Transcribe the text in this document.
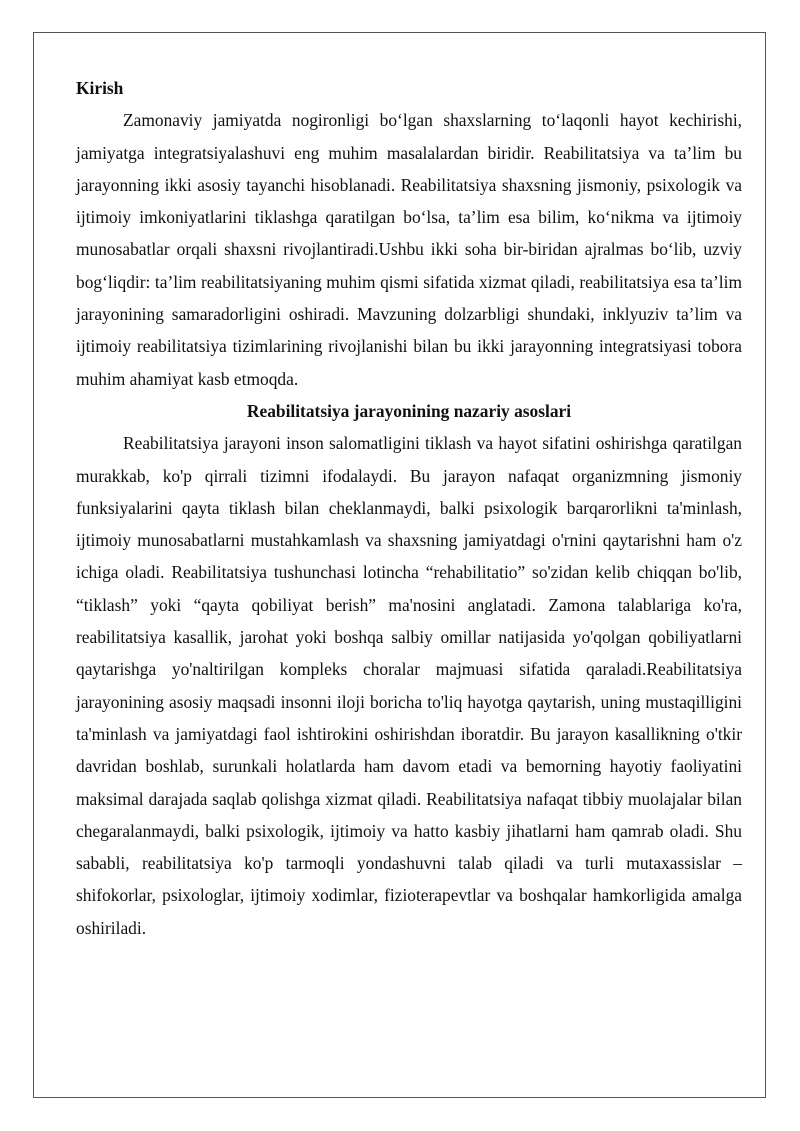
Kirish

Zamonaviy jamiyatda nogironligi bo‘lgan shaxslarning to‘laqonli hayot kechirishi, jamiyatga integratsiyalashuvi eng muhim masalalardan biridir. Reabilitatsiya va ta’lim bu jarayonning ikki asosiy tayanchi hisoblanadi. Reabilitatsiya shaxsning jismoniy, psixologik va ijtimoiy imkoniyatlarini tiklashga qaratilgan bo‘lsa, ta’lim esa bilim, ko‘nikma va ijtimoiy munosabatlar orqali shaxsni rivojlantiradi.Ushbu ikki soha bir-biridan ajralmas bo‘lib, uzviy bog‘liqdir: ta’lim reabilitatsiyaning muhim qismi sifatida xizmat qiladi, reabilitatsiya esa ta’lim jarayonining samaradorligini oshiradi. Mavzuning dolzarbligi shundaki, inklyuziv ta’lim va ijtimoiy reabilitatsiya tizimlarining rivojlanishi bilan bu ikki jarayonning integratsiyasi tobora muhim ahamiyat kasb etmoqda.

Reabilitatsiya jarayonining nazariy asoslari

Reabilitatsiya jarayoni inson salomatligini tiklash va hayot sifatini oshirishga qaratilgan murakkab, ko'p qirrali tizimni ifodalaydi. Bu jarayon nafaqat organizmning jismoniy funksiyalarini qayta tiklash bilan cheklanmaydi, balki psixologik barqarorlikni ta'minlash, ijtimoiy munosabatlarni mustahkamlash va shaxsning jamiyatdagi o'rnini qaytarishni ham o'z ichiga oladi. Reabilitatsiya tushunchasi lotincha “rehabilitatio” so'zidan kelib chiqqan bo'lib, “tiklash” yoki “qayta qobiliyat berish” ma'nosini anglatadi. Zamona talablariga ko'ra, reabilitatsiya kasallik, jarohat yoki boshqa salbiy omillar natijasida yo'qolgan qobiliyatlarni qaytarishga yo'naltirilgan kompleks choralar majmuasi sifatida qaraladi.Reabilitatsiya jarayonining asosiy maqsadi insonni iloji boricha to'liq hayotga qaytarish, uning mustaqilligini ta'minlash va jamiyatdagi faol ishtirokini oshirishdan iboratdir. Bu jarayon kasallikning o'tkir davridan boshlab, surunkali holatlarda ham davom etadi va bemorning hayotiy faoliyatini maksimal darajada saqlab qolishga xizmat qiladi. Reabilitatsiya nafaqat tibbiy muolajalar bilan chegaralanmaydi, balki psixologik, ijtimoiy va hatto kasbiy jihatlarni ham qamrab oladi. Shu sababli, reabilitatsiya ko'p tarmoqli yondashuvni talab qiladi va turli mutaxassislar – shifokorlar, psixologlar, ijtimoiy xodimlar, fizioterapevtlar va boshqalar hamkorligida amalga oshiriladi.
